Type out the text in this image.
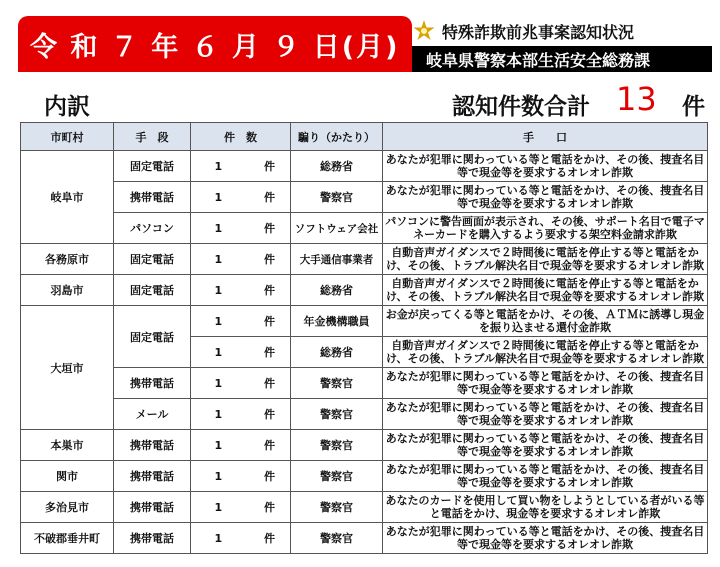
令 和 ７ 年 ６ 月 ９ 日(月)	特殊詐欺前兆事案認知状況
岐阜県警察本部生活安全総務課
内訳	認知件数合計 13 件
市町村	手　段	件　数	騙り（かたり）	手　　口
岐阜市	固定電話	1 件	総務省	あなたが犯罪に関わっている等と電話をかけ、その後、捜査名目等で現金等を要求するオレオレ詐欺
	携帯電話	1 件	警察官	あなたが犯罪に関わっている等と電話をかけ、その後、捜査名目等で現金等を要求するオレオレ詐欺
	パソコン	1 件	ソフトウェア会社	パソコンに警告画面が表示され、その後、サポート名目で電子マネーカードを購入するよう要求する架空料金請求詐欺
各務原市	固定電話	1 件	大手通信事業者	自動音声ガイダンスで２時間後に電話を停止する等と電話をかけ、その後、トラブル解決名目で現金等を要求するオレオレ詐欺
羽島市	固定電話	1 件	総務省	自動音声ガイダンスで２時間後に電話を停止する等と電話をかけ、その後、トラブル解決名目で現金等を要求するオレオレ詐欺
大垣市	固定電話	1 件	年金機構職員	お金が戻ってくる等と電話をかけ、その後、ＡＴＭに誘導し現金を振り込ませる還付金詐欺
		1 件	総務省	自動音声ガイダンスで２時間後に電話を停止する等と電話をかけ、その後、トラブル解決名目で現金等を要求するオレオレ詐欺
	携帯電話	1 件	警察官	あなたが犯罪に関わっている等と電話をかけ、その後、捜査名目等で現金等を要求するオレオレ詐欺
	メール	1 件	警察官	あなたが犯罪に関わっている等と電話をかけ、その後、捜査名目等で現金等を要求するオレオレ詐欺
本巣市	携帯電話	1 件	警察官	あなたが犯罪に関わっている等と電話をかけ、その後、捜査名目等で現金等を要求するオレオレ詐欺
関市	携帯電話	1 件	警察官	あなたが犯罪に関わっている等と電話をかけ、その後、捜査名目等で現金等を要求するオレオレ詐欺
多治見市	携帯電話	1 件	警察官	あなたのカードを使用して買い物をしようとしている者がいる等と電話をかけ、現金等を要求するオレオレ詐欺
不破郡垂井町	携帯電話	1 件	警察官	あなたが犯罪に関わっている等と電話をかけ、その後、捜査名目等で現金等を要求するオレオレ詐欺
